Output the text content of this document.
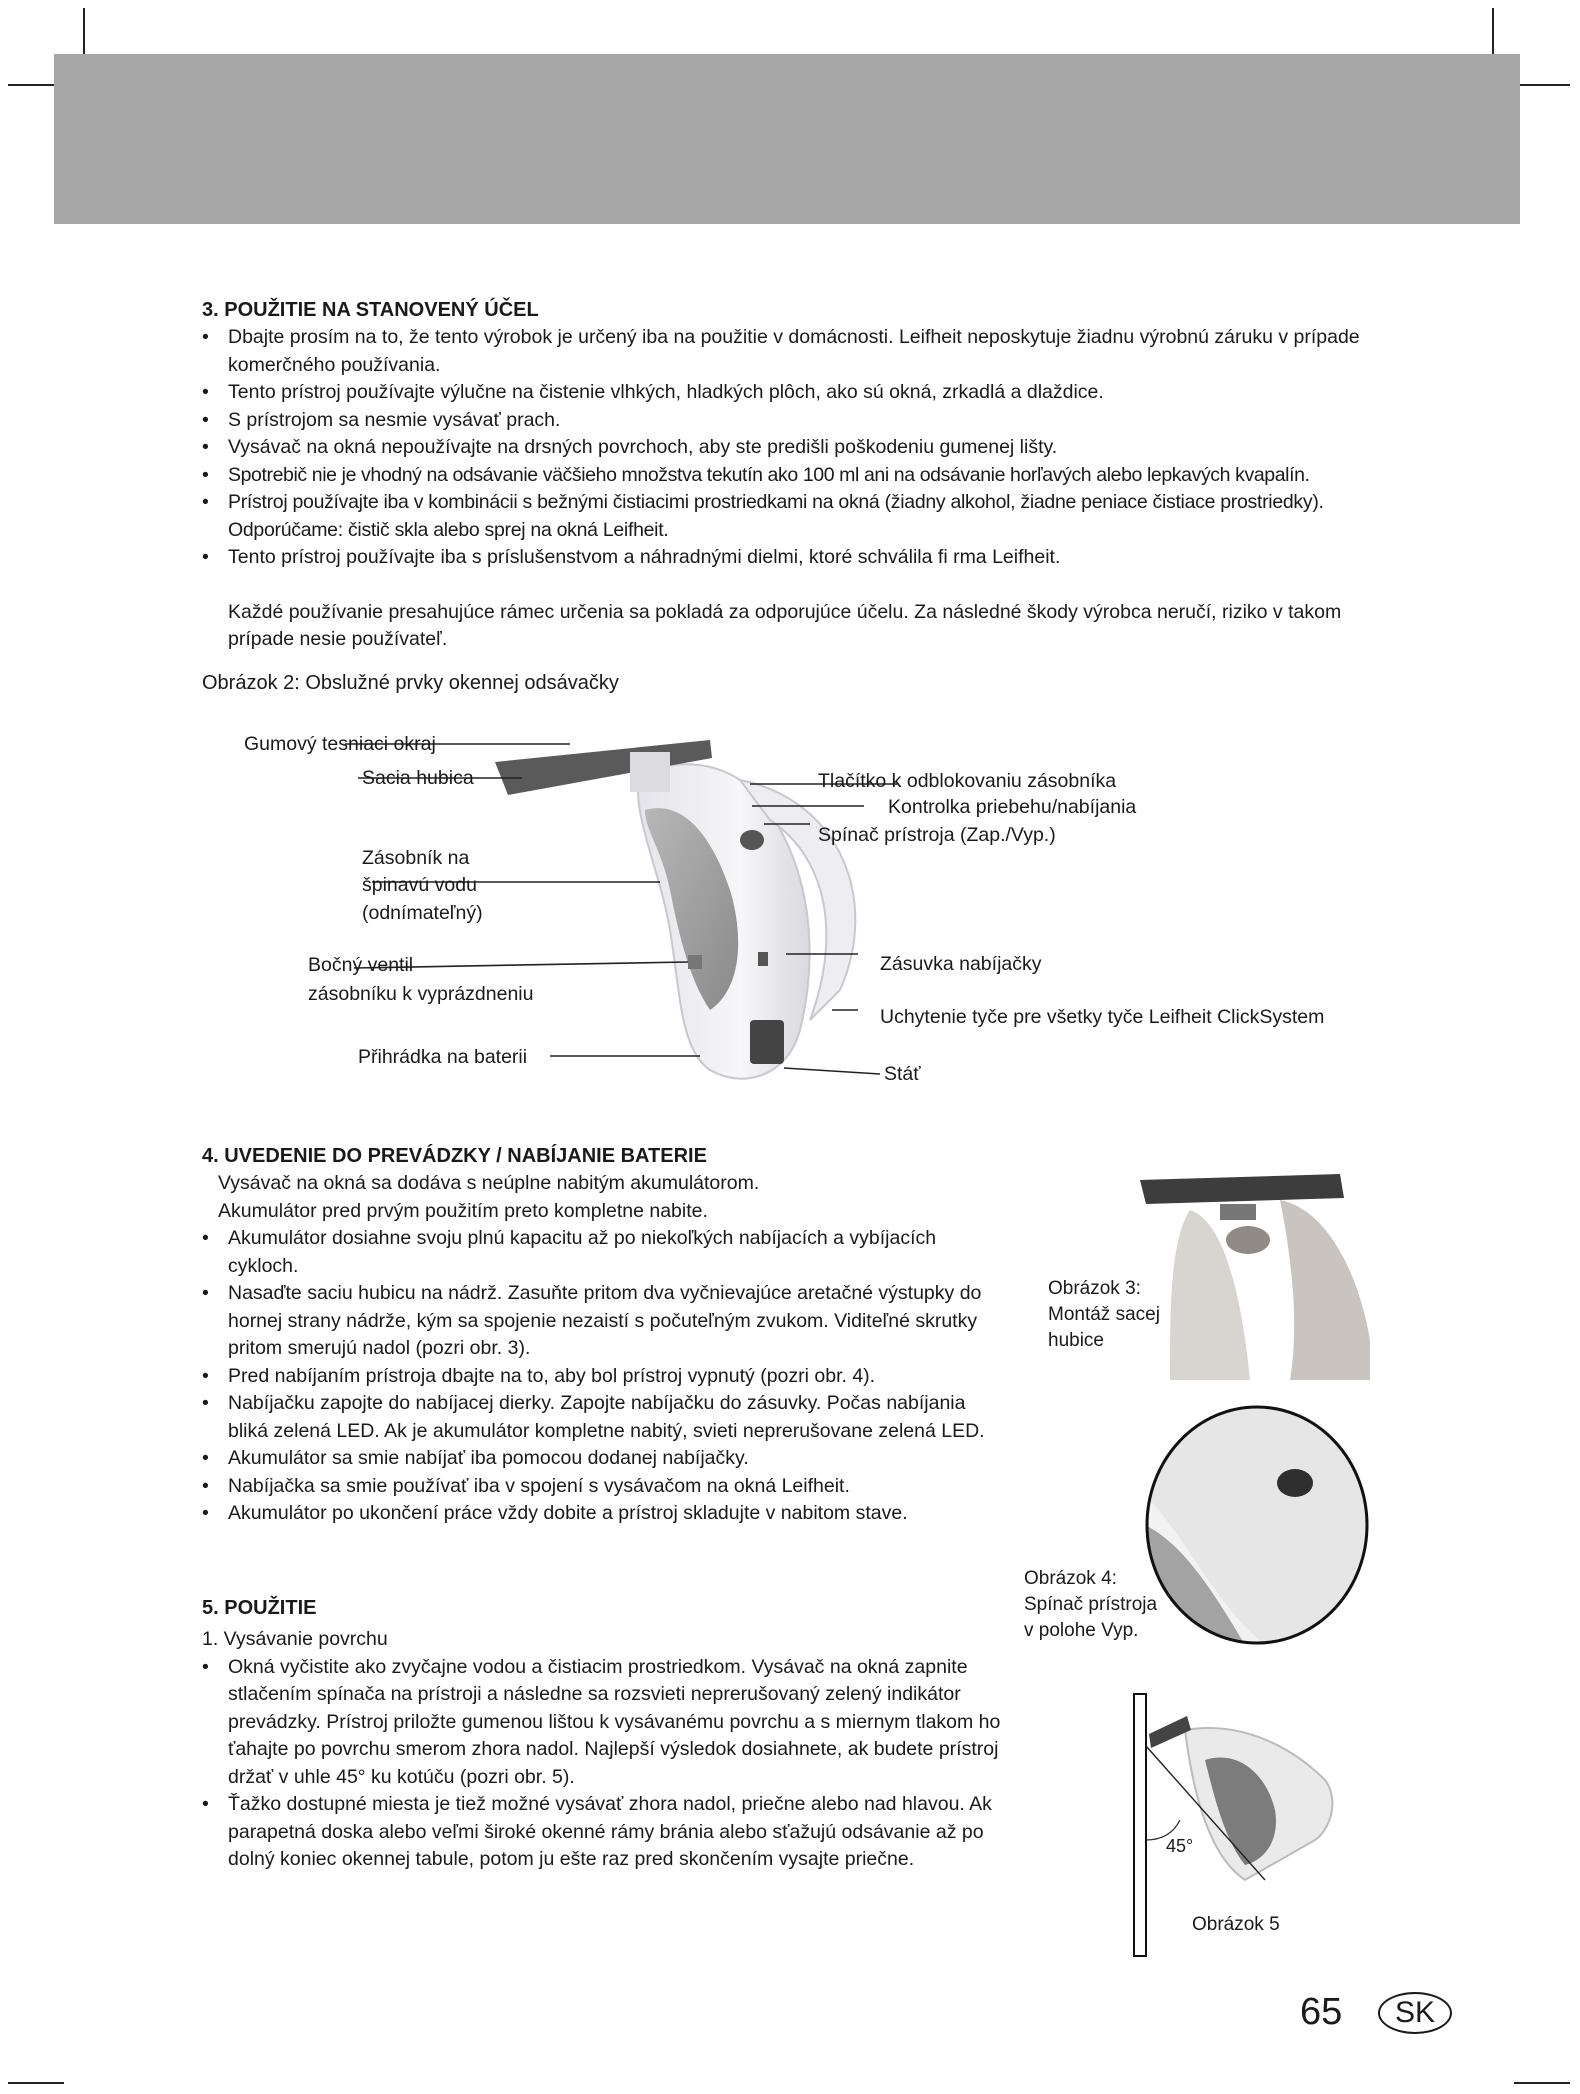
3. POUŽITIE NA STANOVENÝ ÚČEL
• Dbajte prosím na to, že tento výrobok je určený iba na použitie v domácnosti. Leifheit neposkytuje žiadnu výrobnú záruku v prípade komerčného používania.
• Tento prístroj používajte výlučne na čistenie vlhkých, hladkých plôch, ako sú okná, zrkadlá a dlaždice.
• S prístrojom sa nesmie vysávať prach.
• Vysávač na okná nepoužívajte na drsných povrchoch, aby ste predišli poškodeniu gumenej lišty.
• Spotrebič nie je vhodný na odsávanie väčšieho množstva tekutín ako 100 ml ani na odsávanie horľavých alebo lepkavých kvapalín.
• Prístroj používajte iba v kombinácii s bežnými čistiacimi prostriedkami na okná (žiadny alkohol, žiadne peniace čistiace prostriedky). Odporúčame: čistič skla alebo sprej na okná Leifheit.
• Tento prístroj používajte iba s príslušenstvom a náhradnými dielmi, ktoré schválila fi rma Leifheit.
Každé používanie presahujúce rámec určenia sa pokladá za odporujúce účelu. Za následné škody výrobca neručí, riziko v takom prípade nesie používateľ.
Obrázok 2: Obslužné prvky okennej odsávačky
Gumový tesniaci okraj
Sacia hubica
Zásobník na
špinavú vodu
(odnímateľný)
Bočný ventil
zásobníku k vyprázdneniu
Přihrádka na baterii
Tlačítko k odblokovaniu zásobníka
Kontrolka priebehu/nabíjania
Spínač prístroja (Zap./Vyp.)
Zásuvka nabíjačky
Uchytenie tyče pre všetky tyče Leifheit ClickSystem
Stáť
4. UVEDENIE DO PREVÁDZKY / NABÍJANIE BATERIE
Vysávač na okná sa dodáva s neúplne nabitým akumulátorom.
Akumulátor pred prvým použitím preto kompletne nabite.
• Akumulátor dosiahne svoju plnú kapacitu až po niekoľkých nabíjacích a vybíjacích cykloch.
• Nasaďte saciu hubicu na nádrž. Zasuňte pritom dva vyčnievajúce aretačné výstupky do hornej strany nádrže, kým sa spojenie nezaistí s počuteľným zvukom. Viditeľné skrutky pritom smerujú nadol (pozri obr. 3).
• Pred nabíjaním prístroja dbajte na to, aby bol prístroj vypnutý (pozri obr. 4).
• Nabíjačku zapojte do nabíjacej dierky. Zapojte nabíjačku do zásuvky. Počas nabíjania bliká zelená LED. Ak je akumulátor kompletne nabitý, svieti neprerušovane zelená LED.
• Akumulátor sa smie nabíjať iba pomocou dodanej nabíjačky.
• Nabíjačka sa smie používať iba v spojení s vysávačom na okná Leifheit.
• Akumulátor po ukončení práce vždy dobite a prístroj skladujte v nabitom stave.
Obrázok 3:
Montáž sacej
hubice
Obrázok 4:
Spínač prístroja
v polohe Vyp.
45°
Obrázok 5
5. POUŽITIE
1. Vysávanie povrchu
• Okná vyčistite ako zvyčajne vodou a čistiacim prostriedkom. Vysávač na okná zapnite stlačením spínača na prístroji a následne sa rozsvieti neprerušovaný zelený indikátor prevádzky. Prístroj priložte gumenou lištou k vysávanému povrchu a s miernym tlakom ho ťahajte po povrchu smerom zhora nadol. Najlepší výsledok dosiahnete, ak budete prístroj držať v uhle 45° ku kotúču (pozri obr. 5).
• Ťažko dostupné miesta je tiež možné vysávať zhora nadol, priečne alebo nad hlavou. Ak parapetná doska alebo veľmi široké okenné rámy bránia alebo sťažujú odsávanie až po dolný koniec okennej tabule, potom ju ešte raz pred skončením vysajte priečne.
65 SK
